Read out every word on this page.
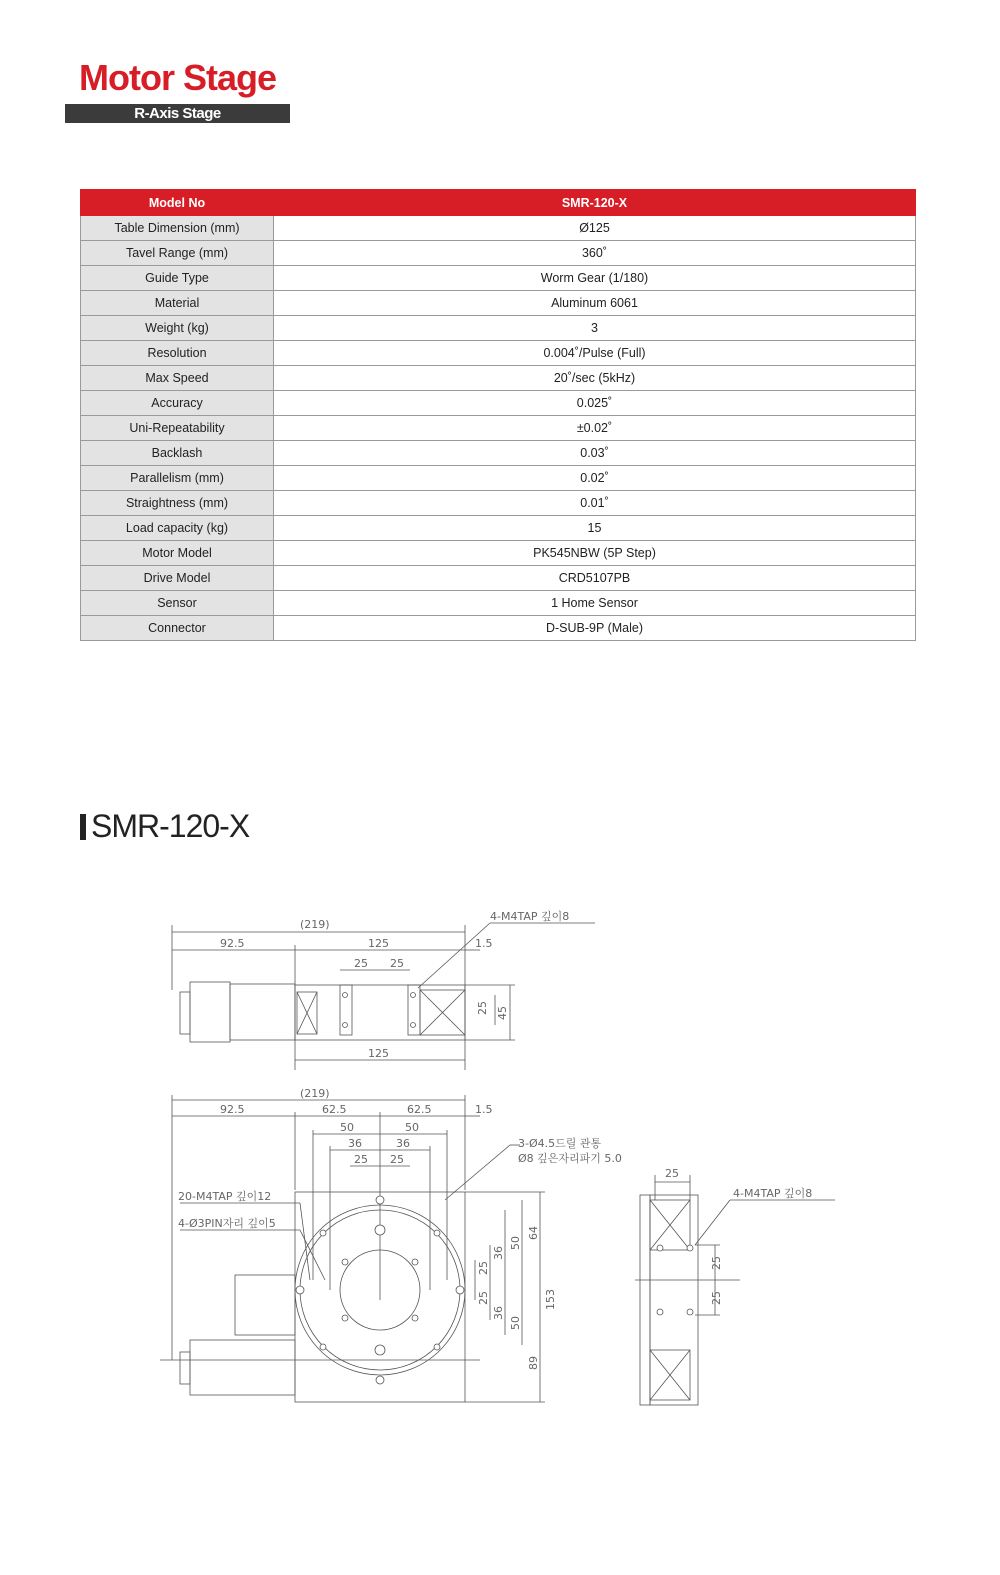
Motor Stage
R-Axis Stage
Model No	SMR-120-X
Table Dimension (mm)	Ø125
Tavel Range (mm)	360˚
Guide Type	Worm Gear (1/180)
Material	Aluminum 6061
Weight (kg)	3
Resolution	0.004˚/Pulse (Full)
Max Speed	20˚/sec (5kHz)
Accuracy	0.025˚
Uni-Repeatability	±0.02˚
Backlash	0.03˚
Parallelism (mm)	0.02˚
Straightness (mm)	0.01˚
Load capacity (kg)	15
Motor Model	PK545NBW (5P Step)
Drive Model	CRD5107PB
Sensor	1 Home Sensor
Connector	D-SUB-9P (Male)
SMR-120-X
(219)
92.5	125	1.5
25 25
125
25 45
4-M4TAP 깊이8
(219)
92.5	62.5	62.5	1.5
50	50
36	36
25 25
25
36
50
64
25
36
50
89
153
3-Ø4.5드릴 관통
Ø8 깊은자리파기 5.0
20-M4TAP 깊이12
4-Ø3PIN자리 깊이5
25
25
25
4-M4TAP 깊이8
